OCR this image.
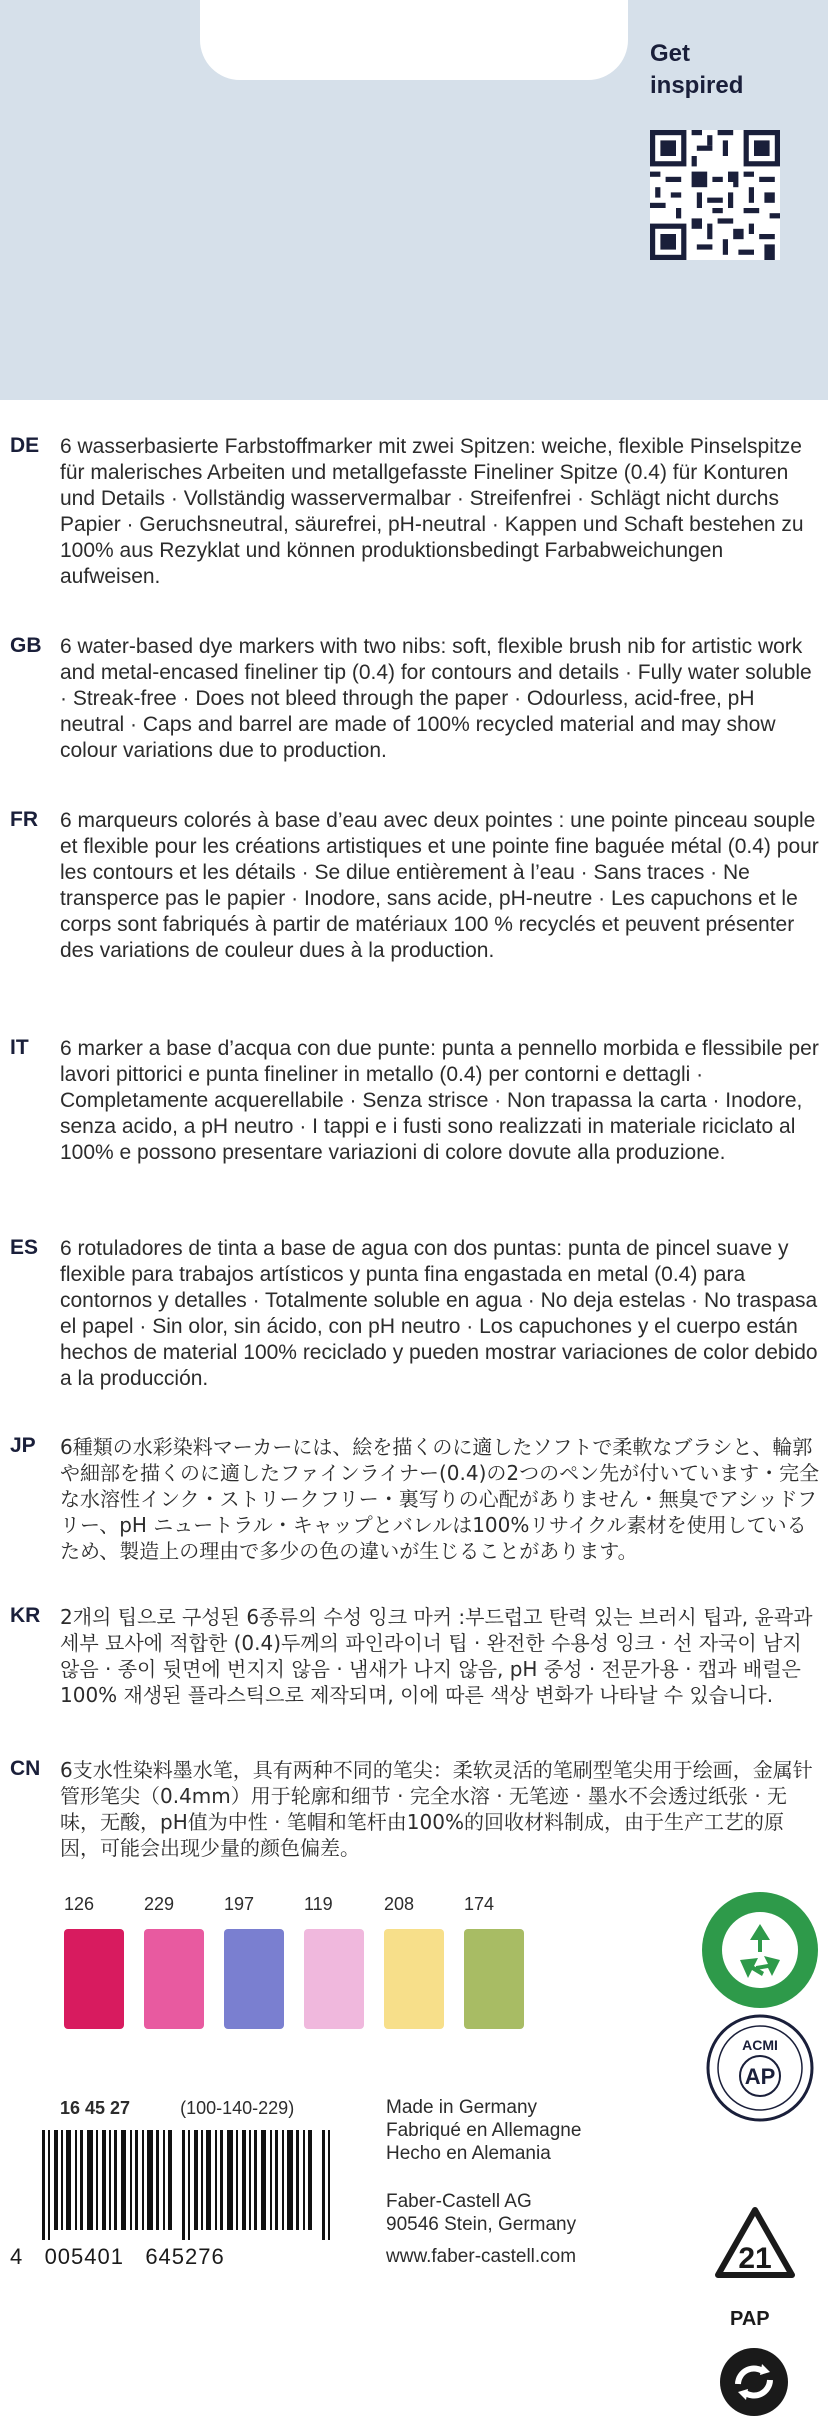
Get
inspired
DE 6 wasserbasierte Farbstoffmarker mit zwei Spitzen: weiche, flexible Pinselspitze für malerisches Arbeiten und metallgefasste Fineliner Spitze (0.4) für Konturen und Details · Vollständig wasservermalbar · Streifenfrei · Schlägt nicht durchs Papier · Geruchsneutral, säurefrei, pH-neutral · Kappen und Schaft bestehen zu 100% aus Rezyklat und können produktionsbedingt Farbabweichungen aufweisen.
GB 6 water-based dye markers with two nibs: soft, flexible brush nib for artistic work and metal-encased fineliner tip (0.4) for contours and details · Fully water soluble · Streak-free · Does not bleed through the paper · Odourless, acid-free, pH neutral · Caps and barrel are made of 100% recycled material and may show colour variations due to production.
FR 6 marqueurs colorés à base d’eau avec deux pointes : une pointe pinceau souple et flexible pour les créations artistiques et une pointe fine baguée métal (0.4) pour les contours et les détails · Se dilue entièrement à l’eau · Sans traces · Ne transperce pas le papier · Inodore, sans acide, pH-neutre · Les capuchons et le corps sont fabriqués à partir de matériaux 100 % recyclés et peuvent présenter des variations de couleur dues à la production.
IT 6 marker a base d’acqua con due punte: punta a pennello morbida e flessibile per lavori pittorici e punta fineliner in metallo (0.4) per contorni e dettagli · Completamente acquerellabile · Senza strisce · Non trapassa la carta · Inodore, senza acido, a pH neutro · I tappi e i fusti sono realizzati in materiale riciclato al 100% e possono presentare variazioni di colore dovute alla produzione.
ES 6 rotuladores de tinta a base de agua con dos puntas: punta de pincel suave y flexible para trabajos artísticos y punta fina engastada en metal (0.4) para contornos y detalles · Totalmente soluble en agua · No deja estelas · No traspasa el papel · Sin olor, sin ácido, con pH neutro · Los capuchones y el cuerpo están hechos de material 100% reciclado y pueden mostrar variaciones de color debido a la producción.
JP 6種類の水彩染料マーカーには、絵を描くのに適したソフトで柔軟なブラシと、輪郭や細部を描くのに適したファインライナー(0.4)の2つのペン先が付いています・完全な水溶性インク・ストリークフリー・裏写りの心配がありません・無臭でアシッドフリー、pH ニュートラル・キャップとバレルは100%リサイクル素材を使用しているため、製造上の理由で多少の色の違いが生じることがあります。
KR 2개의 팁으로 구성된 6종류의 수성 잉크 마커 :부드럽고 탄력 있는 브러시 팁과, 윤곽과 세부 묘사에 적합한 (0.4)두께의 파인라이너 팁 · 완전한 수용성 잉크 · 선 자국이 남지 않음 · 종이 뒷면에 번지지 않음 · 냄새가 나지 않음, pH 중성 · 전문가용 · 캡과 배럴은 100% 재생된 플라스틱으로 제작되며, 이에 따른 색상 변화가 나타날 수 있습니다.
CN 6支水性染料墨水笔，具有两种不同的笔尖：柔软灵活的笔刷型笔尖用于绘画，金属针管形笔尖（0.4mm）用于轮廓和细节 · 完全水溶 · 无笔迹 · 墨水不会透过纸张 · 无味，无酸，pH值为中性 · 笔帽和笔杆由100%的回收材料制成，由于生产工艺的原因，可能会出现少量的颜色偏差。
126	229	197	119	208	174
ACMI
AP
16 45 27	(100-140-229)
4   005401   645276
Made in Germany
Fabriqué en Allemagne
Hecho en Alemania
Faber-Castell AG
90546 Stein, Germany
www.faber-castell.com	21
PAP
